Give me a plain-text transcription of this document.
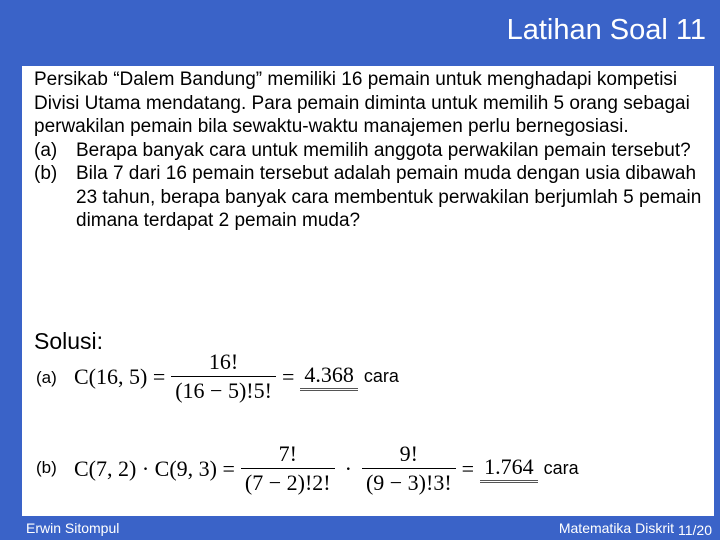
Latihan Soal 11

Persikab “Dalem Bandung” memiliki 16 pemain untuk menghadapi kompetisi Divisi Utama mendatang. Para pemain diminta untuk memilih 5 orang sebagai perwakilan pemain bila sewaktu-waktu manajemen perlu bernegosiasi.

(a) Berapa banyak cara untuk memilih anggota perwakilan pemain tersebut?
(b) Bila 7 dari 16 pemain tersebut adalah pemain muda dengan usia dibawah 23 tahun, berapa banyak cara membentuk perwakilan berjumlah 5 pemain dimana terdapat 2 pemain muda?
Solusi:
(a) C(16, $5) = \frac{16!}{(16 - 5)!5!} = 4.368$ cara
(b) C(7, 2) · C(9, $3) = \frac{7!}{(7 - 2)!2!} \cdot \frac{9!}{(9 - 3)!3!} = 1.764$ cara
Erwin Sitompul	Matematika Diskrit 11/20
